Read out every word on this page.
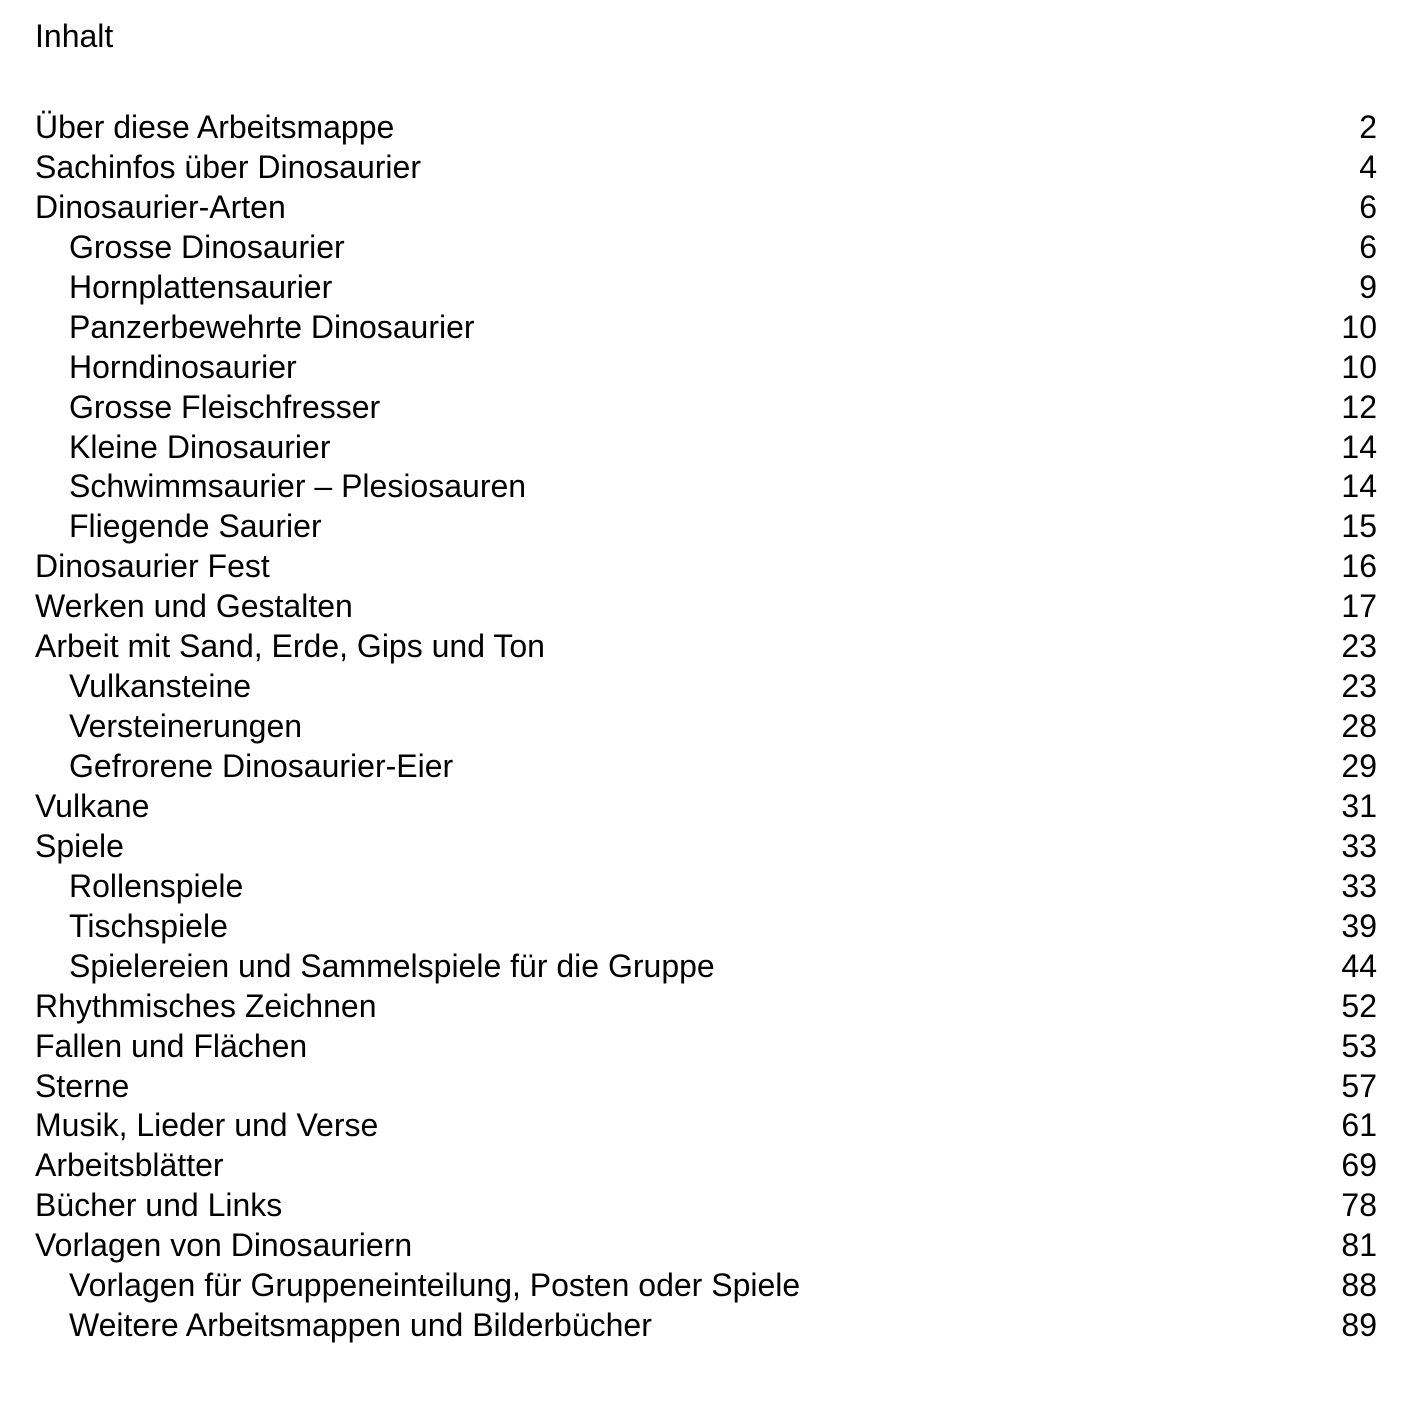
Inhalt
Über diese Arbeitsmappe	2
Sachinfos über Dinosaurier	4
Dinosaurier-Arten	6
Grosse Dinosaurier	6
Hornplattensaurier	9
Panzerbewehrte Dinosaurier	10
Horndinosaurier	10
Grosse Fleischfresser	12
Kleine Dinosaurier	14
Schwimmsaurier – Plesiosauren	14
Fliegende Saurier	15
Dinosaurier Fest	16
Werken und Gestalten	17
Arbeit mit Sand, Erde, Gips und Ton	23
Vulkansteine	23
Versteinerungen	28
Gefrorene Dinosaurier-Eier	29
Vulkane	31
Spiele	33
Rollenspiele	33
Tischspiele	39
Spielereien und Sammelspiele für die Gruppe	44
Rhythmisches Zeichnen	52
Fallen und Flächen	53
Sterne	57
Musik, Lieder und Verse	61
Arbeitsblätter	69
Bücher und Links	78
Vorlagen von Dinosauriern	81
Vorlagen für Gruppeneinteilung, Posten oder Spiele	88
Weitere Arbeitsmappen und Bilderbücher	89
